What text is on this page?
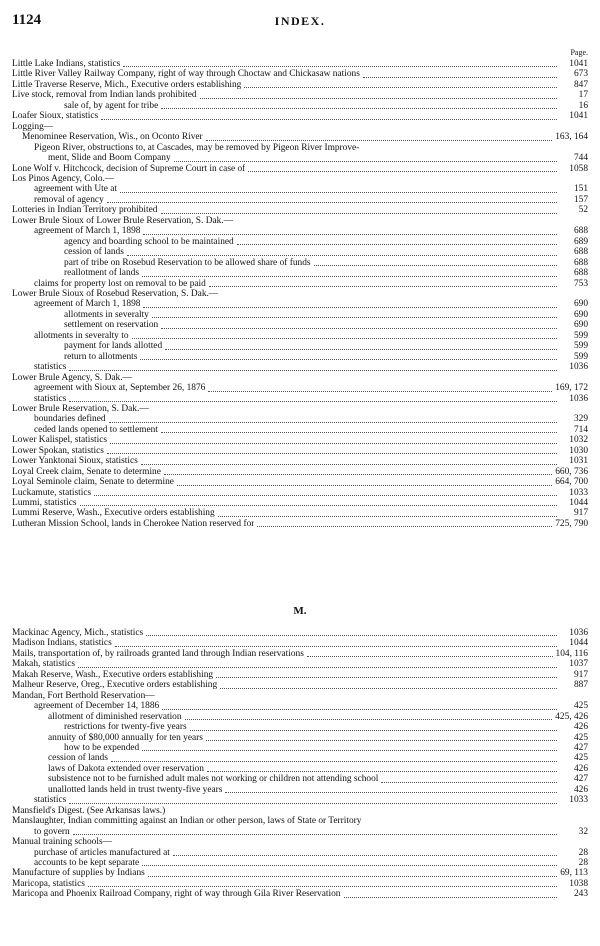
1124	INDEX.
Page.
Little Lake Indians, statistics	1041
Little River Valley Railway Company, right of way through Choctaw and Chickasaw nations	673
Little Traverse Reserve, Mich., Executive orders establishing	847
Live stock, removal from Indian lands prohibited	17
sale of, by agent for tribe	16
Loafer Sioux, statistics	1041
Logging—
Menominee Reservation, Wis., on Oconto River	163, 164
Pigeon River, obstructions to, at Cascades, may be removed by Pigeon River Improve-
ment, Slide and Boom Company	744
Lone Wolf v. Hitchcock, decision of Supreme Court in case of	1058
Los Pinos Agency, Colo.—
agreement with Ute at	151
removal of agency	157
Lotteries in Indian Territory prohibited	52
Lower Brule Sioux of Lower Brule Reservation, S. Dak.—
agreement of March 1, 1898	688
agency and boarding school to be maintained	689
cession of lands	688
part of tribe on Rosebud Reservation to be allowed share of funds	688
reallotment of lands	688
claims for property lost on removal to be paid	753
Lower Brule Sioux of Rosebud Reservation, S. Dak.—
agreement of March 1, 1898	690
allotments in severalty	690
settlement on reservation	690
allotments in severalty to	599
payment for lands allotted	599
return to allotments	599
statistics	1036
Lower Brule Agency, S. Dak.—
agreement with Sioux at, September 26, 1876	169, 172
statistics	1036
Lower Brule Reservation, S. Dak.—
boundaries defined	329
ceded lands opened to settlement	714
Lower Kalispel, statistics	1032
Lower Spokan, statistics	1030
Lower Yanktonai Sioux, statistics	1031
Loyal Creek claim, Senate to determine	660, 736
Loyal Seminole claim, Senate to determine	664, 700
Luckamute, statistics	1033
Lummi, statistics	1044
Lummi Reserve, Wash., Executive orders establishing	917
Lutheran Mission School, lands in Cherokee Nation reserved for	725, 790
M.
Mackinac Agency, Mich., statistics	1036
Madison Indians, statistics	1044
Mails, transportation of, by railroads granted land through Indian reservations	104, 116
Makah, statistics	1037
Makah Reserve, Wash., Executive orders establishing	917
Malheur Reserve, Oreg., Executive orders establishing	887
Mandan, Fort Berthold Reservation—
agreement of December 14, 1886	425
allotment of diminished reservation	425, 426
restrictions for twenty-five years	426
annuity of $80,000 annually for ten years	425
how to be expended	427
cession of lands	425
laws of Dakota extended over reservation	426
subsistence not to be furnished adult males not working or children not attending school	427
unallotted lands held in trust twenty-five years	426
statistics	1033
Mansfield's Digest. (See Arkansas laws.)
Manslaughter, Indian committing against an Indian or other person, laws of State or Territory
to govern	32
Manual training schools—
purchase of articles manufactured at	28
accounts to be kept separate	28
Manufacture of supplies by Indians	69, 113
Maricopa, statistics	1038
Maricopa and Phoenix Railroad Company, right of way through Gila River Reservation	243
